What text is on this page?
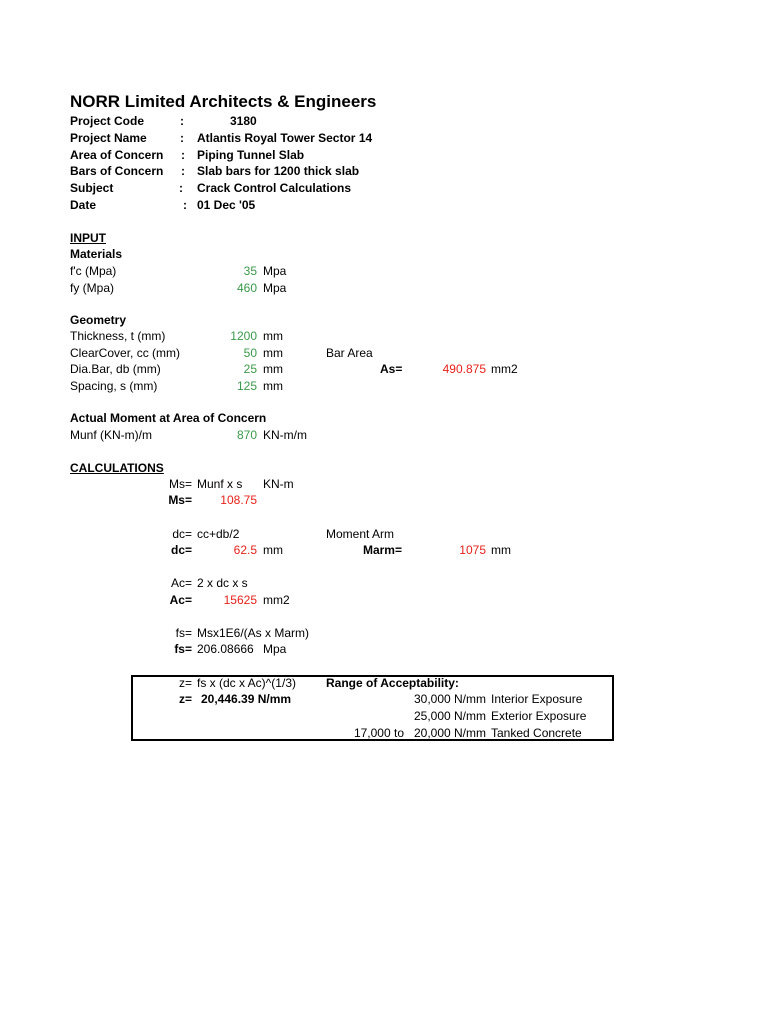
NORR Limited Architects & Engineers
Project Code	:	3180
Project Name	: Atlantis Royal Tower Sector 14
Area of Concern : Piping Tunnel Slab
Bars of Concern : Slab bars for 1200 thick slab
Subject	: Crack Control Calculations
Date	: 01 Dec '05
INPUT
Materials
f'c (Mpa)	35 Mpa
fy (Mpa)	460 Mpa
Geometry
Thickness, t (mm)	1200 mm
ClearCover, cc (mm)	50 mm	Bar Area
Dia.Bar, db (mm)	25 mm	As=	490.875 mm2
Spacing, s (mm)	125 mm
Actual Moment at Area of Concern
Munf (KN-m)/m	870 KN-m/m
CALCULATIONS
Ms= Munf x s KN-m
Ms=	108.75
dc= cc+db/2	Moment Arm
dc=	62.5 mm	Marm=	1075 mm
Ac= 2 x dc x s
Ac=	15625 mm2
fs= Msx1E6/(As x Marm)
fs= 206.08666 Mpa
z= fs x (dc x Ac)^(1/3)	Range of Acceptability:
z= 20,446.39 N/mm	30,000 N/mm Interior Exposure
25,000 N/mm Exterior Exposure
17,000 to 20,000 N/mm Tanked Concrete
